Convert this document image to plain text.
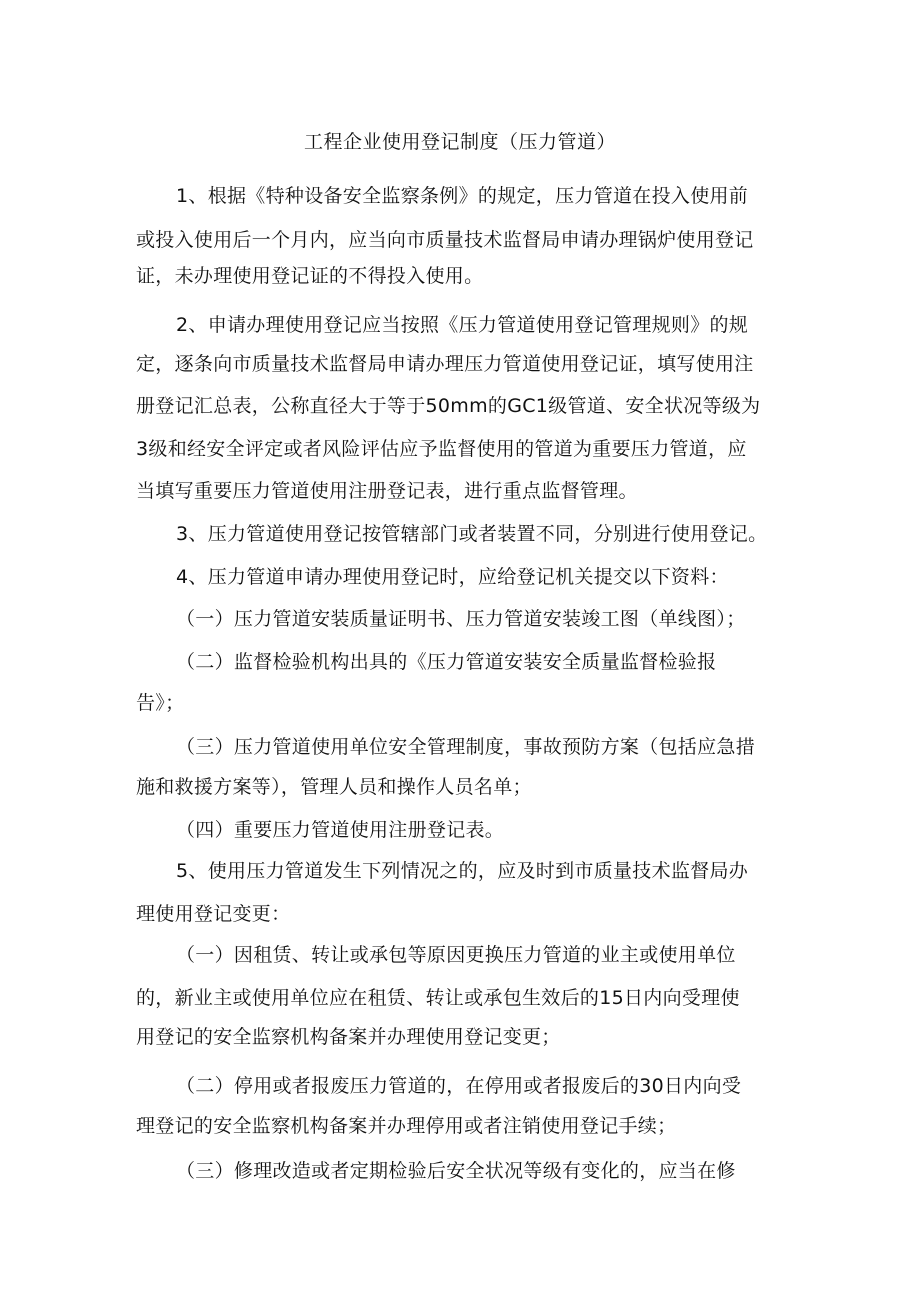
工程企业使用登记制度（压力管道）
1、根据《特种设备安全监察条例》的规定，压力管道在投入使用前
或投入使用后一个月内，应当向市质量技术监督局申请办理锅炉使用登记
证，未办理使用登记证的不得投入使用。
2、申请办理使用登记应当按照《压力管道使用登记管理规则》的规
定，逐条向市质量技术监督局申请办理压力管道使用登记证，填写使用注
册登记汇总表，公称直径大于等于50mm的GC1级管道、安全状况等级为
3级和经安全评定或者风险评估应予监督使用的管道为重要压力管道，应
当填写重要压力管道使用注册登记表，进行重点监督管理。
3、压力管道使用登记按管辖部门或者装置不同，分别进行使用登记。
4、压力管道申请办理使用登记时，应给登记机关提交以下资料：
（一）压力管道安装质量证明书、压力管道安装竣工图（单线图）；
（二）监督检验机构出具的《压力管道安装安全质量监督检验报
告》；
（三）压力管道使用单位安全管理制度，事故预防方案（包括应急措
施和救援方案等），管理人员和操作人员名单；
（四）重要压力管道使用注册登记表。
5、使用压力管道发生下列情况之的，应及时到市质量技术监督局办
理使用登记变更：
（一）因租赁、转让或承包等原因更换压力管道的业主或使用单位
的，新业主或使用单位应在租赁、转让或承包生效后的15日内向受理使
用登记的安全监察机构备案并办理使用登记变更；
（二）停用或者报废压力管道的，在停用或者报废后的30日内向受
理登记的安全监察机构备案并办理停用或者注销使用登记手续；
（三）修理改造或者定期检验后安全状况等级有变化的，应当在修
